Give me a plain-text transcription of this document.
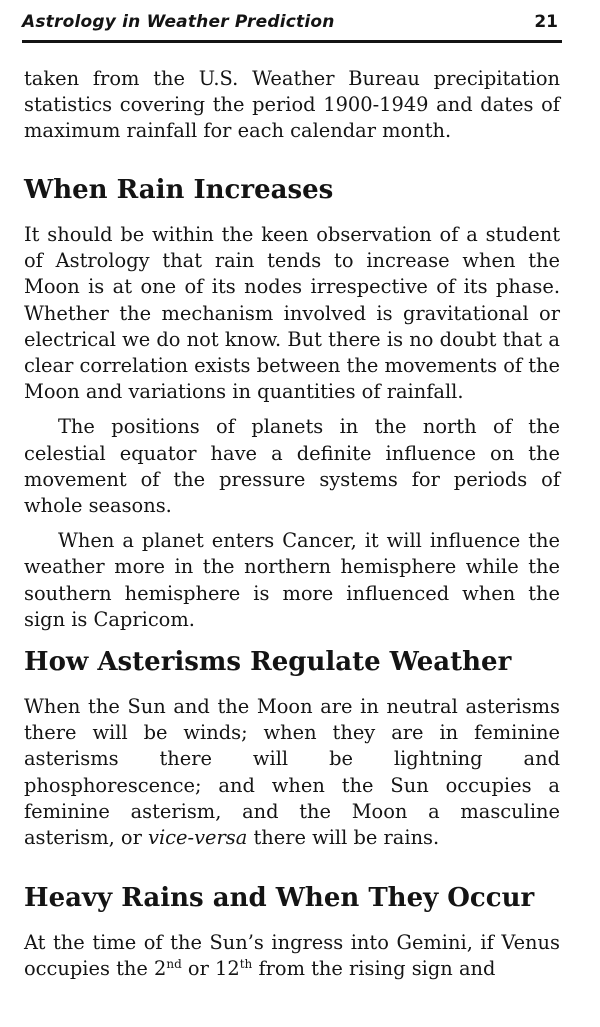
Astrology in Weather Prediction	21

taken from the U.S. Weather Bureau precipitation statistics covering the period 1900-1949 and dates of maximum rainfall for each calendar month.

When Rain Increases

It should be within the keen observation of a student of Astrology that rain tends to increase when the Moon is at one of its nodes irrespective of its phase. Whether the mechanism involved is gravitational or electrical we do not know. But there is no doubt that a clear correlation exists between the movements of the Moon and variations in quantities of rainfall.

The positions of planets in the north of the celestial equator have a definite influence on the movement of the pressure systems for periods of whole seasons.

When a planet enters Cancer, it will influence the weather more in the northern hemisphere while the southern hemisphere is more influenced when the sign is Capricom.

How Asterisms Regulate Weather

When the Sun and the Moon are in neutral asterisms there will be winds; when they are in feminine asterisms there will be lightning and phosphorescence; and when the Sun occupies a feminine asterism, and the Moon a masculine asterism, or vice-versa there will be rains.

Heavy Rains and When They Occur

At the time of the Sun’s ingress into Gemini, if Venus occupies the 2nd or 12th from the rising sign and
